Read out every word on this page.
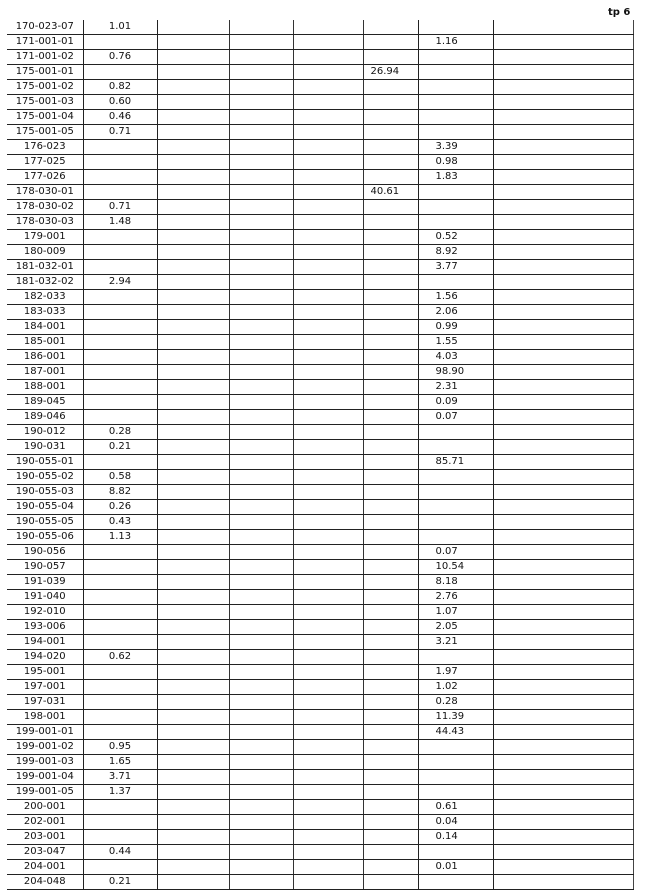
tp 6
170-023-07	1.01						
171-001-01						1.16	
171-001-02	0.76						
175-001-01					26.94		
175-001-02	0.82						
175-001-03	0.60						
175-001-04	0.46						
175-001-05	0.71						
176-023						3.39	
177-025						0.98	
177-026						1.83	
178-030-01					40.61		
178-030-02	0.71						
178-030-03	1.48						
179-001						0.52	
180-009						8.92	
181-032-01						3.77	
181-032-02	2.94						
182-033						1.56	
183-033						2.06	
184-001						0.99	
185-001						1.55	
186-001						4.03	
187-001						98.90	
188-001						2.31	
189-045						0.09	
189-046						0.07	
190-012	0.28						
190-031	0.21						
190-055-01						85.71	
190-055-02	0.58						
190-055-03	8.82						
190-055-04	0.26						
190-055-05	0.43						
190-055-06	1.13						
190-056						0.07	
190-057						10.54	
191-039						8.18	
191-040						2.76	
192-010						1.07	
193-006						2.05	
194-001						3.21	
194-020	0.62						
195-001						1.97	
197-001						1.02	
197-031						0.28	
198-001						11.39	
199-001-01						44.43	
199-001-02	0.95						
199-001-03	1.65						
199-001-04	3.71						
199-001-05	1.37						
200-001						0.61	
202-001						0.04	
203-001						0.14	
203-047	0.44						
204-001						0.01	
204-048	0.21						
